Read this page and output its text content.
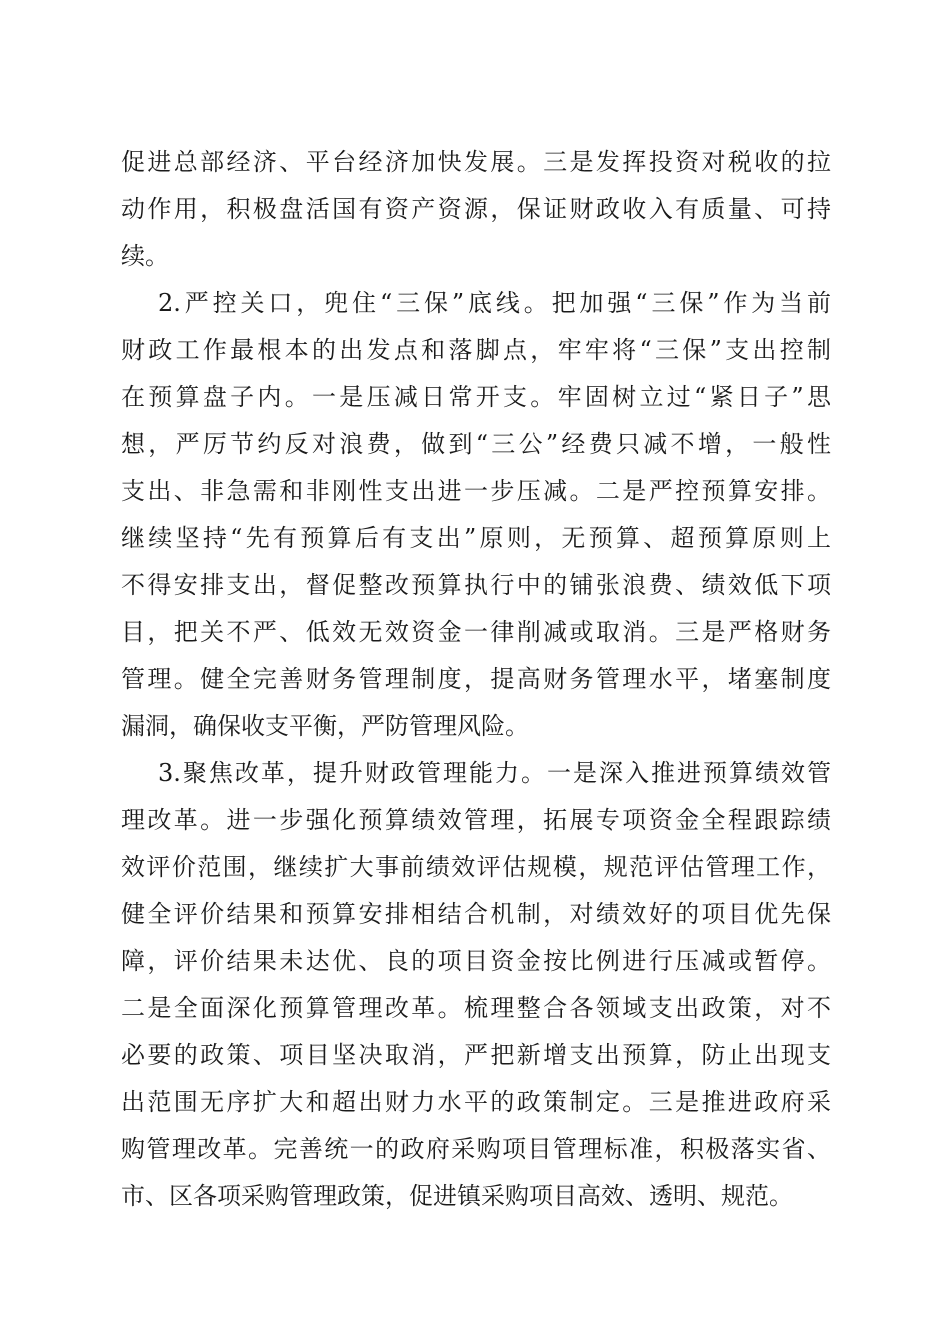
促进总部经济、平台经济加快发展。三是发挥投资对税收的拉

动作用，积极盘活国有资产资源，保证财政收入有质量、可持

续。

2.严控关口，兜住“三保”底线。把加强“三保”作为当前

财政工作最根本的出发点和落脚点，牢牢将“三保”支出控制

在预算盘子内。一是压减日常开支。牢固树立过“紧日子”思

想，严厉节约反对浪费，做到“三公”经费只减不增，一般性

支出、非急需和非刚性支出进一步压减。二是严控预算安排。

继续坚持“先有预算后有支出”原则，无预算、超预算原则上

不得安排支出，督促整改预算执行中的铺张浪费、绩效低下项

目，把关不严、低效无效资金一律削减或取消。三是严格财务

管理。健全完善财务管理制度，提高财务管理水平，堵塞制度

漏洞，确保收支平衡，严防管理风险。

3.聚焦改革，提升财政管理能力。一是深入推进预算绩效管

理改革。进一步强化预算绩效管理，拓展专项资金全程跟踪绩

效评价范围，继续扩大事前绩效评估规模，规范评估管理工作，

健全评价结果和预算安排相结合机制，对绩效好的项目优先保

障，评价结果未达优、良的项目资金按比例进行压减或暂停。

二是全面深化预算管理改革。梳理整合各领域支出政策，对不

必要的政策、项目坚决取消，严把新增支出预算，防止出现支

出范围无序扩大和超出财力水平的政策制定。三是推进政府采

购管理改革。完善统一的政府采购项目管理标准，积极落实省、

市、区各项采购管理政策，促进镇采购项目高效、透明、规范。
